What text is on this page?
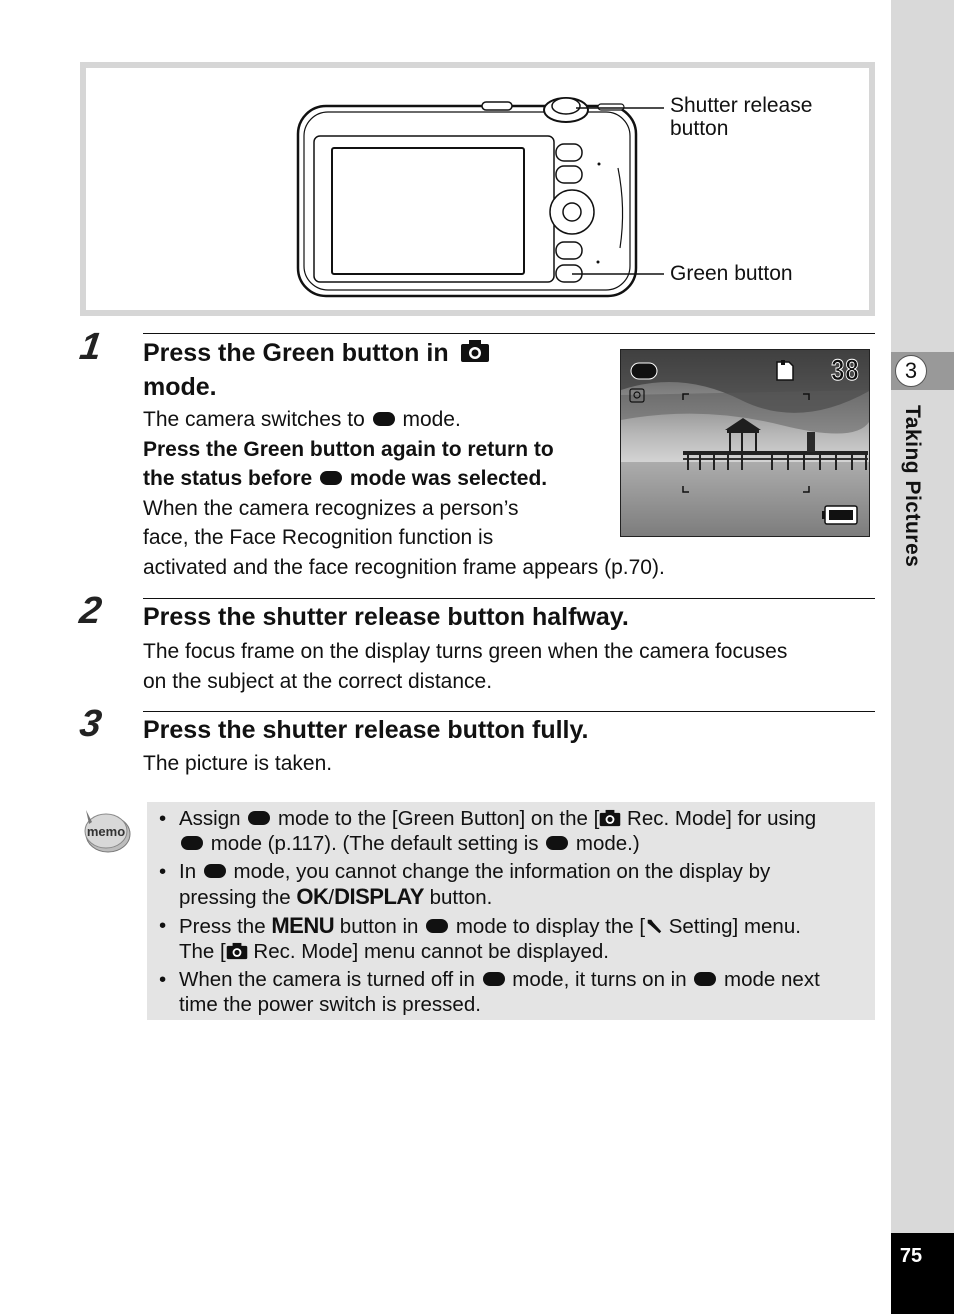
Shutter release button
Green button
1 Press the Green button in
mode.
The camera switches to mode.
Press the Green button again to return to
the status before mode was selected.
When the camera recognizes a person’s
face, the Face Recognition function is
activated and the face recognition frame appears (p.70).
38
2 Press the shutter release button halfway.
The focus frame on the display turns green when the camera focuses
on the subject at the correct distance.
3 Press the shutter release button fully.
The picture is taken.
memo
• Assign mode to the [Green Button] on the [ Rec. Mode] for using
mode (p.117). (The default setting is mode.)
• In mode, you cannot change the information on the display by
pressing the OK/DISPLAY button.
• Press the MENU button in mode to display the [ Setting] menu.
The [ Rec. Mode] menu cannot be displayed.
• When the camera is turned off in mode, it turns on in mode next
time the power switch is pressed.
3
Taking Pictures
75
